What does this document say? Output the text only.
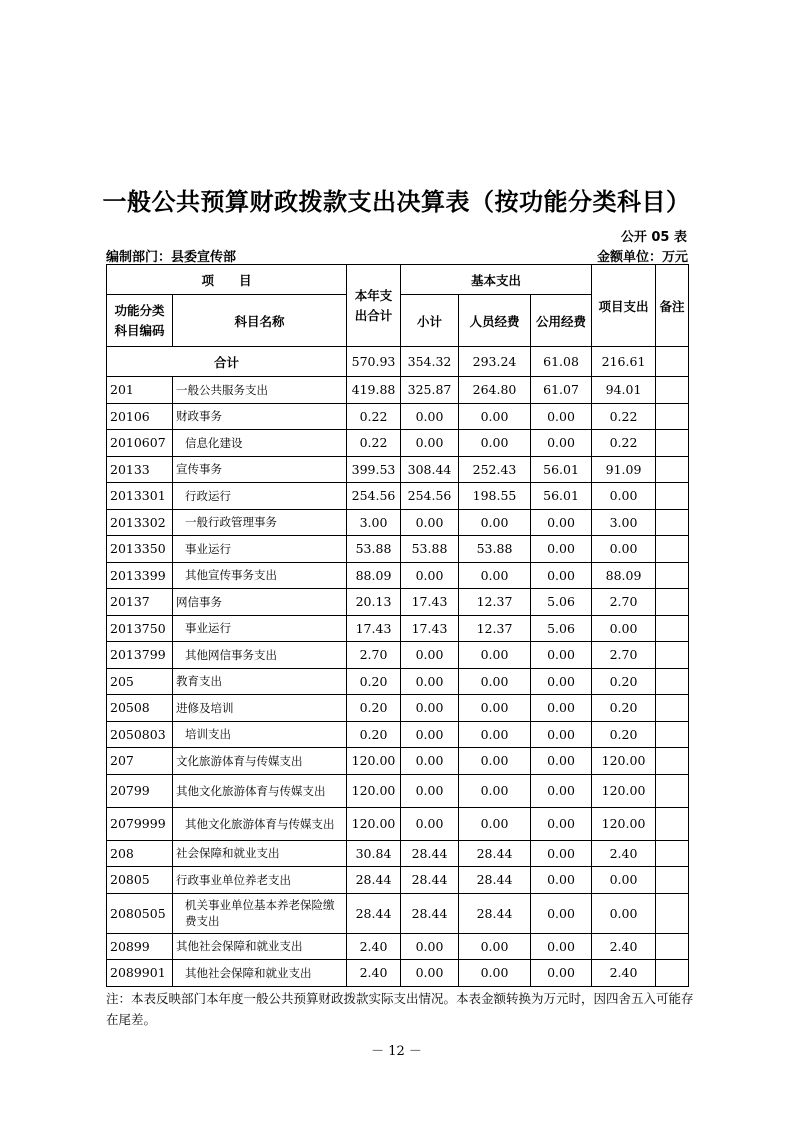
一般公共预算财政拨款支出决算表（按功能分类科目）
公开 05 表
编制部门：县委宣传部	金额单位：万元
项　　目		本年支出合计	基本支出			项目支出	备注
功能分类科目编码	科目名称		小计	人员经费	公用经费		

合计		570.93	354.32	293.24	61.08	216.61	
201	一般公共服务支出	419.88	325.87	264.80	61.07	94.01	
20106	财政事务	0.22	0.00	0.00	0.00	0.22	
2010607	信息化建设	0.22	0.00	0.00	0.00	0.22	
20133	宣传事务	399.53	308.44	252.43	56.01	91.09	
2013301	行政运行	254.56	254.56	198.55	56.01	0.00	
2013302	一般行政管理事务	3.00	0.00	0.00	0.00	3.00	
2013350	事业运行	53.88	53.88	53.88	0.00	0.00	
2013399	其他宣传事务支出	88.09	0.00	0.00	0.00	88.09	
20137	网信事务	20.13	17.43	12.37	5.06	2.70	
2013750	事业运行	17.43	17.43	12.37	5.06	0.00	
2013799	其他网信事务支出	2.70	0.00	0.00	0.00	2.70	
205	教育支出	0.20	0.00	0.00	0.00	0.20	
20508	进修及培训	0.20	0.00	0.00	0.00	0.20	
2050803	培训支出	0.20	0.00	0.00	0.00	0.20	
207	文化旅游体育与传媒支出	120.00	0.00	0.00	0.00	120.00	
20799	其他文化旅游体育与传媒支出	120.00	0.00	0.00	0.00	120.00	
2079999	其他文化旅游体育与传媒支出	120.00	0.00	0.00	0.00	120.00	
208	社会保障和就业支出	30.84	28.44	28.44	0.00	2.40	
20805	行政事业单位养老支出	28.44	28.44	28.44	0.00	0.00	
2080505	机关事业单位基本养老保险缴费支出	28.44	28.44	28.44	0.00	0.00	
20899	其他社会保障和就业支出	2.40	0.00	0.00	0.00	2.40	
2089901	其他社会保障和就业支出	2.40	0.00	0.00	0.00	2.40	
注：本表反映部门本年度一般公共预算财政拨款实际支出情况。本表金额转换为万元时，因四舍五入可能存在尾差。
－ 12 －
